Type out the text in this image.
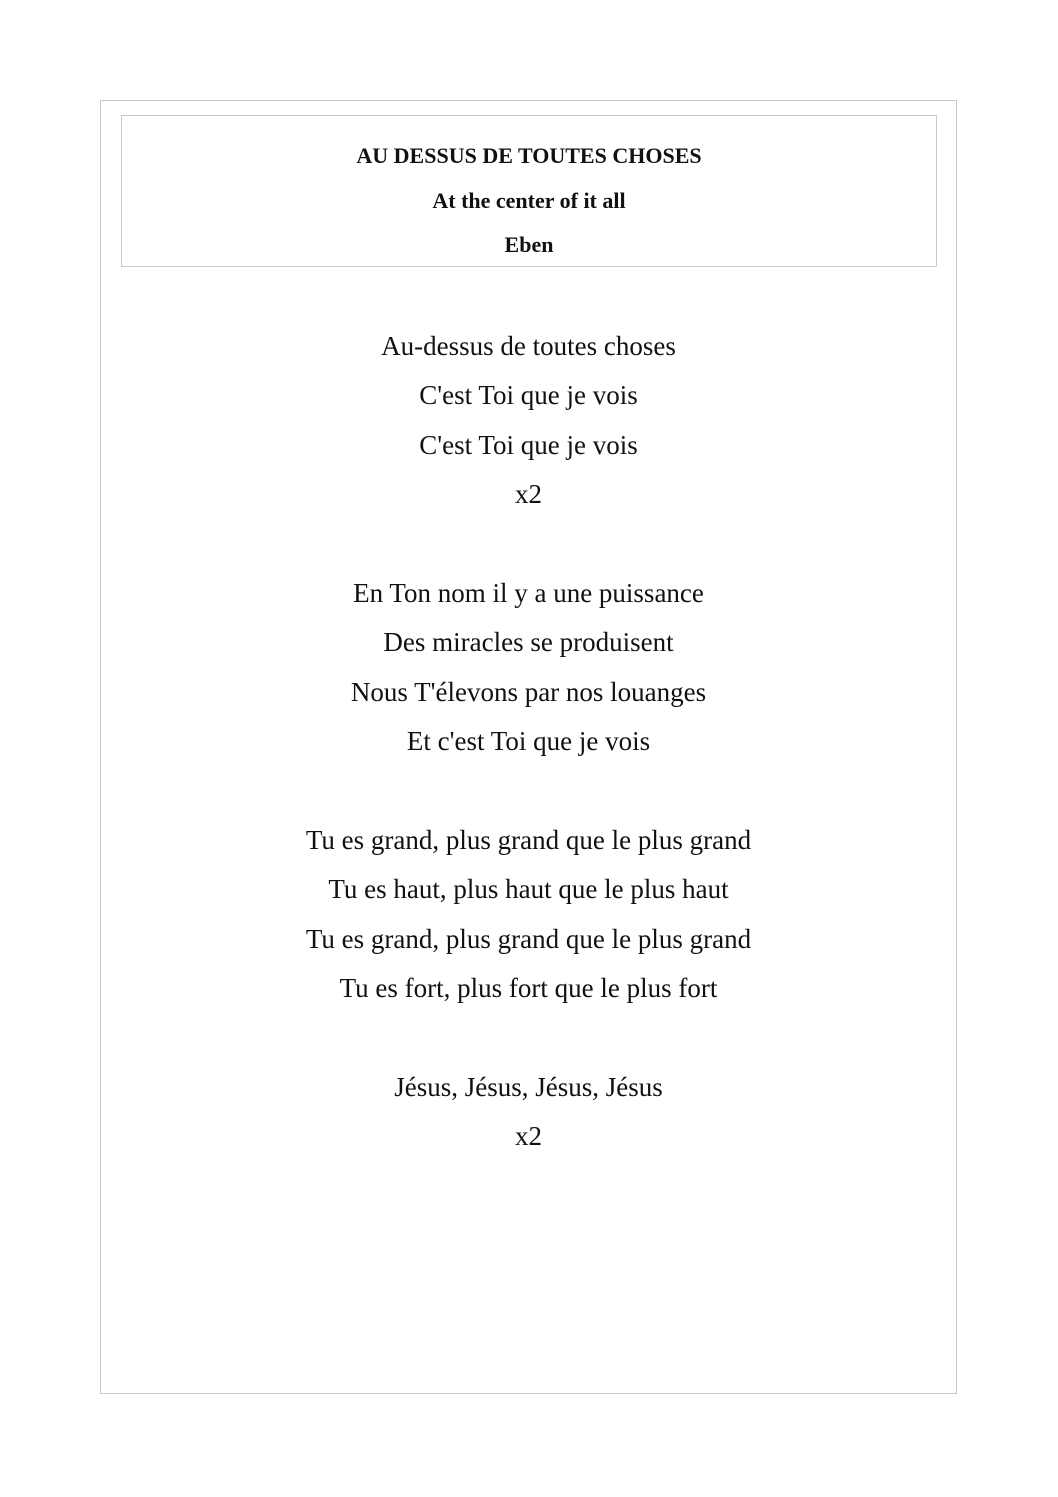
AU DESSUS DE TOUTES CHOSES
At the center of it all
Eben
Au-dessus de toutes choses
C'est Toi que je vois
C'est Toi que je vois
x2
En Ton nom il y a une puissance
Des miracles se produisent
Nous T'élevons par nos louanges
Et c'est Toi que je vois
Tu es grand, plus grand que le plus grand
Tu es haut, plus haut que le plus haut
Tu es grand, plus grand que le plus grand
Tu es fort, plus fort que le plus fort
Jésus, Jésus, Jésus, Jésus
x2
